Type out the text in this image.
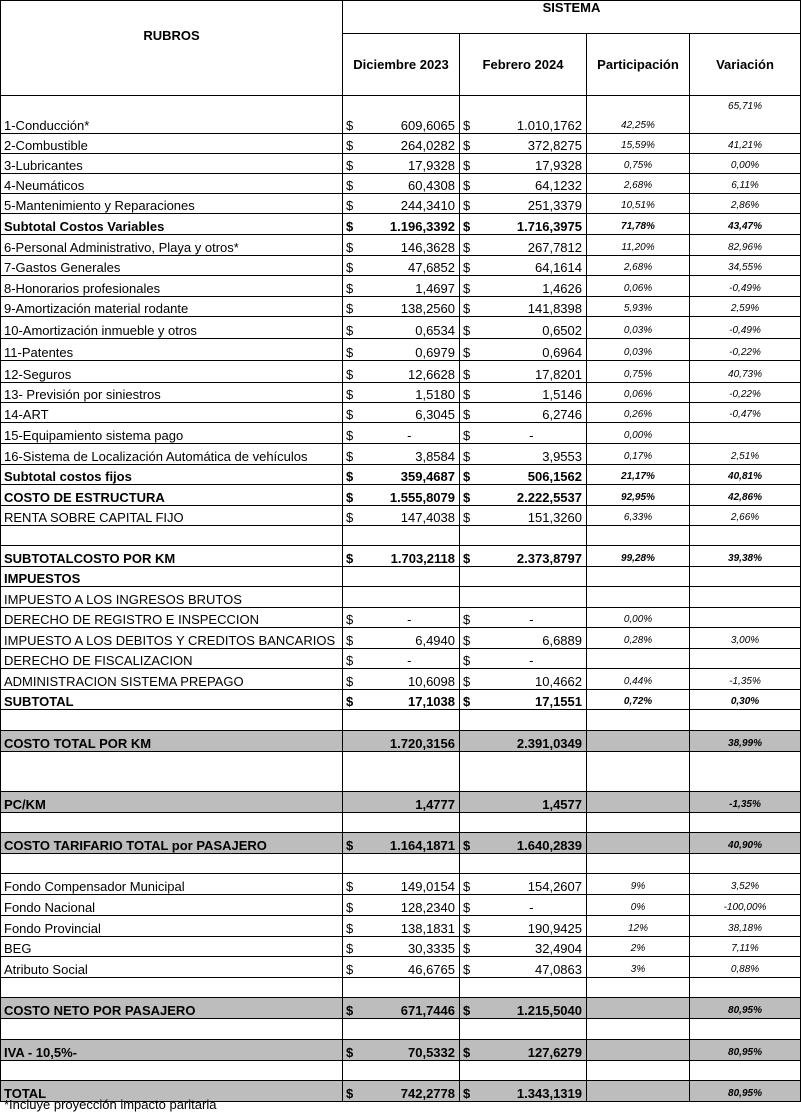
RUBROS	SISTEMA					
	Diciembre 2023		Febrero 2024		Participación	Variación
1-Conducción*	$	609,6065	$	1.010,1762	42,25%	65,71%
2-Combustible	$	264,0282	$	372,8275	15,59%	41,21%
3-Lubricantes	$	17,9328	$	17,9328	0,75%	0,00%
4-Neumáticos	$	60,4308	$	64,1232	2,68%	6,11%
5-Mantenimiento y Reparaciones	$	244,3410	$	251,3379	10,51%	2,86%
Subtotal Costos Variables	$	1.196,3392	$	1.716,3975	71,78%	43,47%
6-Personal Administrativo, Playa y otros*	$	146,3628	$	267,7812	11,20%	82,96%
7-Gastos Generales	$	47,6852	$	64,1614	2,68%	34,55%
8-Honorarios profesionales	$	1,4697	$	1,4626	0,06%	-0,49%
9-Amortización material rodante	$	138,2560	$	141,8398	5,93%	2,59%
10-Amortización inmueble y otros	$	0,6534	$	0,6502	0,03%	-0,49%
11-Patentes	$	0,6979	$	0,6964	0,03%	-0,22%
12-Seguros	$	12,6628	$	17,8201	0,75%	40,73%
13- Previsión por siniestros	$	1,5180	$	1,5146	0,06%	-0,22%
14-ART	$	6,3045	$	6,2746	0,26%	-0,47%
15-Equipamiento sistema pago	$	-	$	-	0,00%	
16-Sistema de Localización Automática de vehículos	$	3,8584	$	3,9553	0,17%	2,51%
Subtotal costos fijos	$	359,4687	$	506,1562	21,17%	40,81%
COSTO DE ESTRUCTURA	$	1.555,8079	$	2.222,5537	92,95%	42,86%
RENTA SOBRE CAPITAL FIJO	$	147,4038	$	151,3260	6,33%	2,66%

SUBTOTALCOSTO POR KM	$	1.703,2118	$	2.373,8797	99,28%	39,38%
IMPUESTOS						
IMPUESTO A LOS INGRESOS BRUTOS						
DERECHO DE REGISTRO E INSPECCION	$	-	$	-	0,00%	
IMPUESTO A LOS DEBITOS Y CREDITOS BANCARIOS	$	6,4940	$	6,6889	0,28%	3,00%
DERECHO DE FISCALIZACION	$	-	$	-		
ADMINISTRACION SISTEMA PREPAGO	$	10,6098	$	10,4662	0,44%	-1,35%
SUBTOTAL	$	17,1038	$	17,1551	0,72%	0,30%

COSTO TOTAL POR KM		1.720,3156		2.391,0349		38,99%

PC/KM		1,4777		1,4577		-1,35%

COSTO TARIFARIO TOTAL por PASAJERO	$	1.164,1871	$	1.640,2839		40,90%

Fondo Compensador Municipal	$	149,0154	$	154,2607	9%	3,52%
Fondo Nacional	$	128,2340	$	-	0%	-100,00%
Fondo Provincial	$	138,1831	$	190,9425	12%	38,18%
BEG	$	30,3335	$	32,4904	2%	7,11%
Atributo Social	$	46,6765	$	47,0863	3%	0,88%

COSTO NETO POR PASAJERO	$	671,7446	$	1.215,5040		80,95%

IVA - 10,5%-	$	70,5332	$	127,6279		80,95%

TOTAL	$	742,2778	$	1.343,1319		80,95%
*Incluye proyección impacto paritaria
